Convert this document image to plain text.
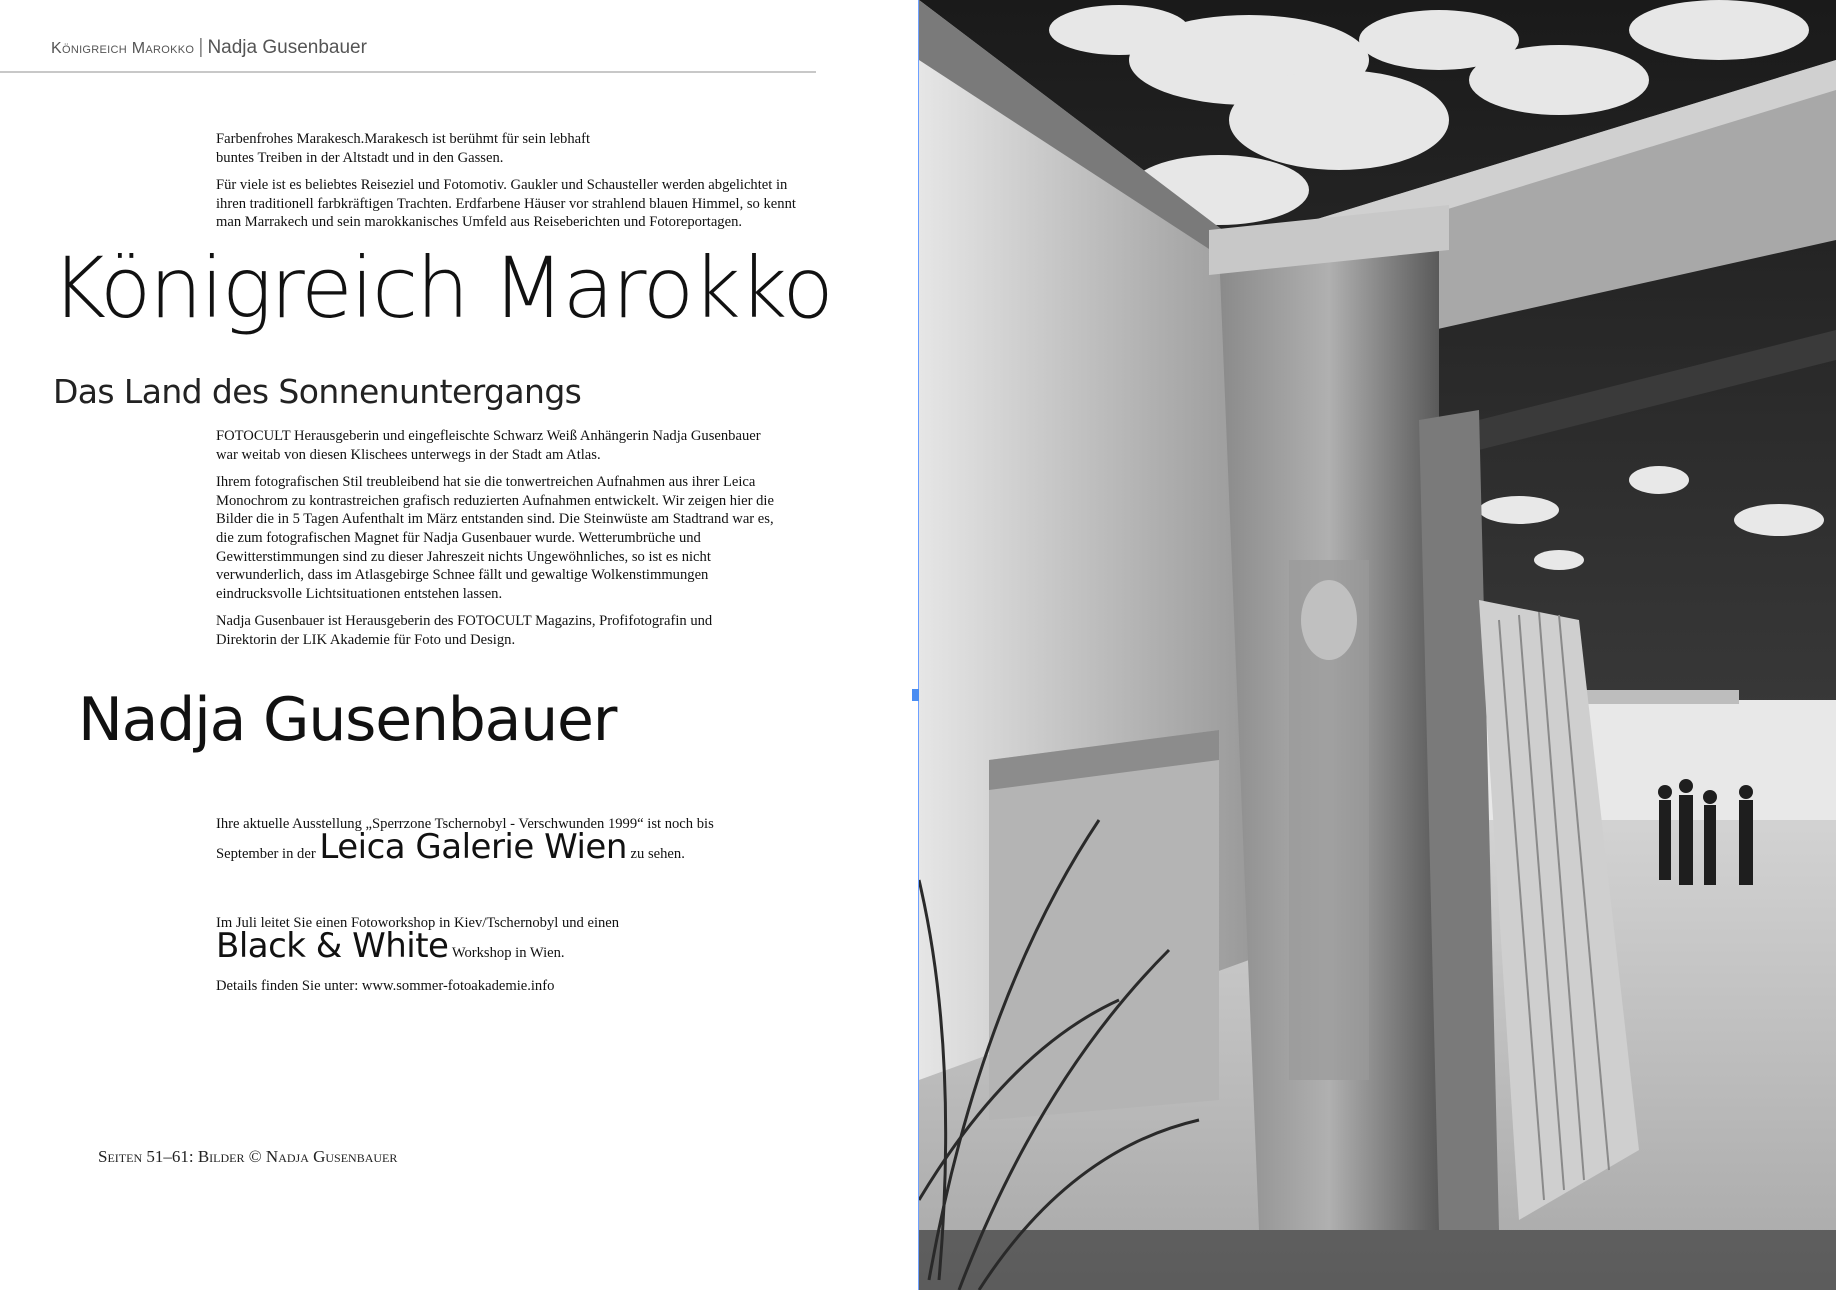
Königreich Marokko | Nadja Gusenbauer

Farbenfrohes Marakesch.Marakesch ist berühmt für sein lebhaft buntes Treiben in der Altstadt und in den Gassen.

Für viele ist es beliebtes Reiseziel und Fotomotiv. Gaukler und Schausteller werden abgelichtet in ihren traditionell farbkräftigen Trachten. Erdfarbene Häuser vor strahlend blauen Himmel, so kennt man Marrakech und sein marokkanisches Umfeld aus Reiseberichten und Fotoreportagen.

Königreich Marokko
Das Land des Sonnenuntergangs

FOTOCULT Herausgeberin und eingefleischte Schwarz Weiß Anhängerin Nadja Gusenbauer war weitab von diesen Klischees unterwegs in der Stadt am Atlas.

Ihrem fotografischen Stil treubleibend hat sie die tonwertreichen Aufnahmen aus ihrer Leica Monochrom zu kontrastreichen grafisch reduzierten Aufnahmen entwickelt. Wir zeigen hier die Bilder die in 5 Tagen Aufenthalt im März entstanden sind. Die Steinwüste am Stadtrand war es, die zum fotografischen Magnet für Nadja Gusenbauer wurde. Wetterumbrüche und Gewitterstimmungen sind zu dieser Jahreszeit nichts Ungewöhnliches, so ist es nicht verwunderlich, dass im Atlasgebirge Schnee fällt und gewaltige Wolkenstimmungen eindrucksvolle Lichtsituationen entstehen lassen.

Nadja Gusenbauer ist Herausgeberin des FOTOCULT Magazins, Profifotografin und Direktorin der LIK Akademie für Foto und Design.

Nadja Gusenbauer
Ihre aktuelle Ausstellung „Sperrzone Tschernobyl - Verschwunden 1999“ ist noch bis
September in der Leica Galerie Wien zu sehen.
Im Juli leitet Sie einen Fotoworkshop in Kiev/Tschernobyl und einen
Black & White Workshop in Wien.
Details finden Sie unter: www.sommer-fotoakademie.info
Seiten 51–61: Bilder © Nadja Gusenbauer
